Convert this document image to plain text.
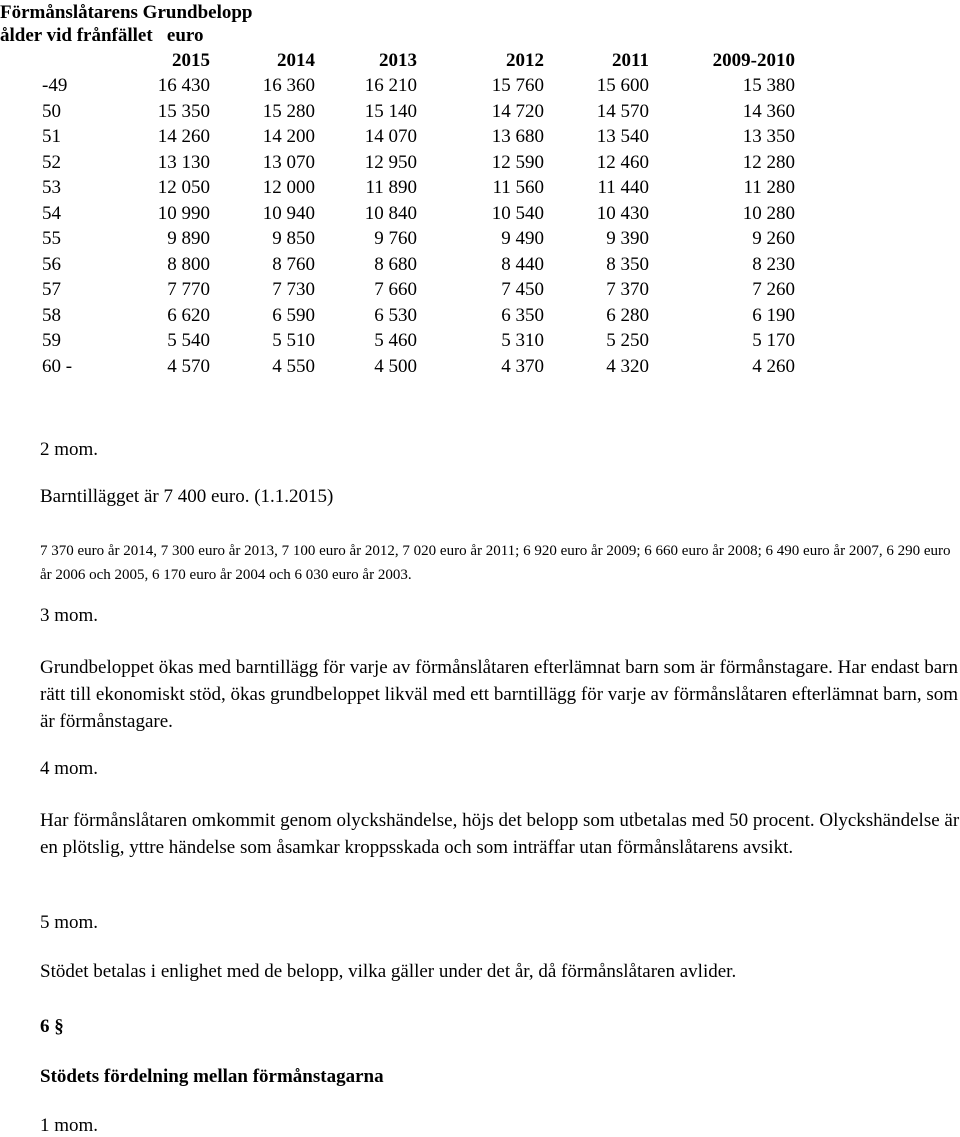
Förmånslåtarens Grundbelopp
ålder vid frånfället   euro
	2015	2014	2013	2012	2011	2009-2010
-49	16 430	16 360	16 210	15 760	15 600	15 380
50	15 350	15 280	15 140	14 720	14 570	14 360
51	14 260	14 200	14 070	13 680	13 540	13 350
52	13 130	13 070	12 950	12 590	12 460	12 280
53	12 050	12 000	11 890	11 560	11 440	11 280
54	10 990	10 940	10 840	10 540	10 430	10 280
55	9 890	9 850	9 760	9 490	9 390	9 260
56	8 800	8 760	8 680	8 440	8 350	8 230
57	7 770	7 730	7 660	7 450	7 370	7 260
58	6 620	6 590	6 530	6 350	6 280	6 190
59	5 540	5 510	5 460	5 310	5 250	5 170
60 -	4 570	4 550	4 500	4 370	4 320	4 260
2 mom.
Barntillägget är 7 400 euro. (1.1.2015)
7 370 euro år 2014, 7 300 euro år 2013, 7 100 euro år 2012, 7 020 euro år 2011; 6 920 euro år 2009; 6 660 euro år 2008; 6 490 euro år 2007, 6 290 euro år 2006 och 2005, 6 170 euro år 2004 och 6 030 euro år 2003.
3 mom.
Grundbeloppet ökas med barntillägg för varje av förmånslåtaren efterlämnat barn som är förmånstagare. Har endast barn rätt till ekonomiskt stöd, ökas grundbeloppet likväl med ett barntillägg för varje av förmånslåtaren efterlämnat barn, som är förmånstagare.
4 mom.
Har förmånslåtaren omkommit genom olyckshändelse, höjs det belopp som utbetalas med 50 procent. Olyckshändelse är en plötslig, yttre händelse som åsamkar kroppsskada och som inträffar utan förmånslåtarens avsikt.
5 mom.
Stödet betalas i enlighet med de belopp, vilka gäller under det år, då förmånslåtaren avlider.
6 §
Stödets fördelning mellan förmånstagarna
1 mom.
